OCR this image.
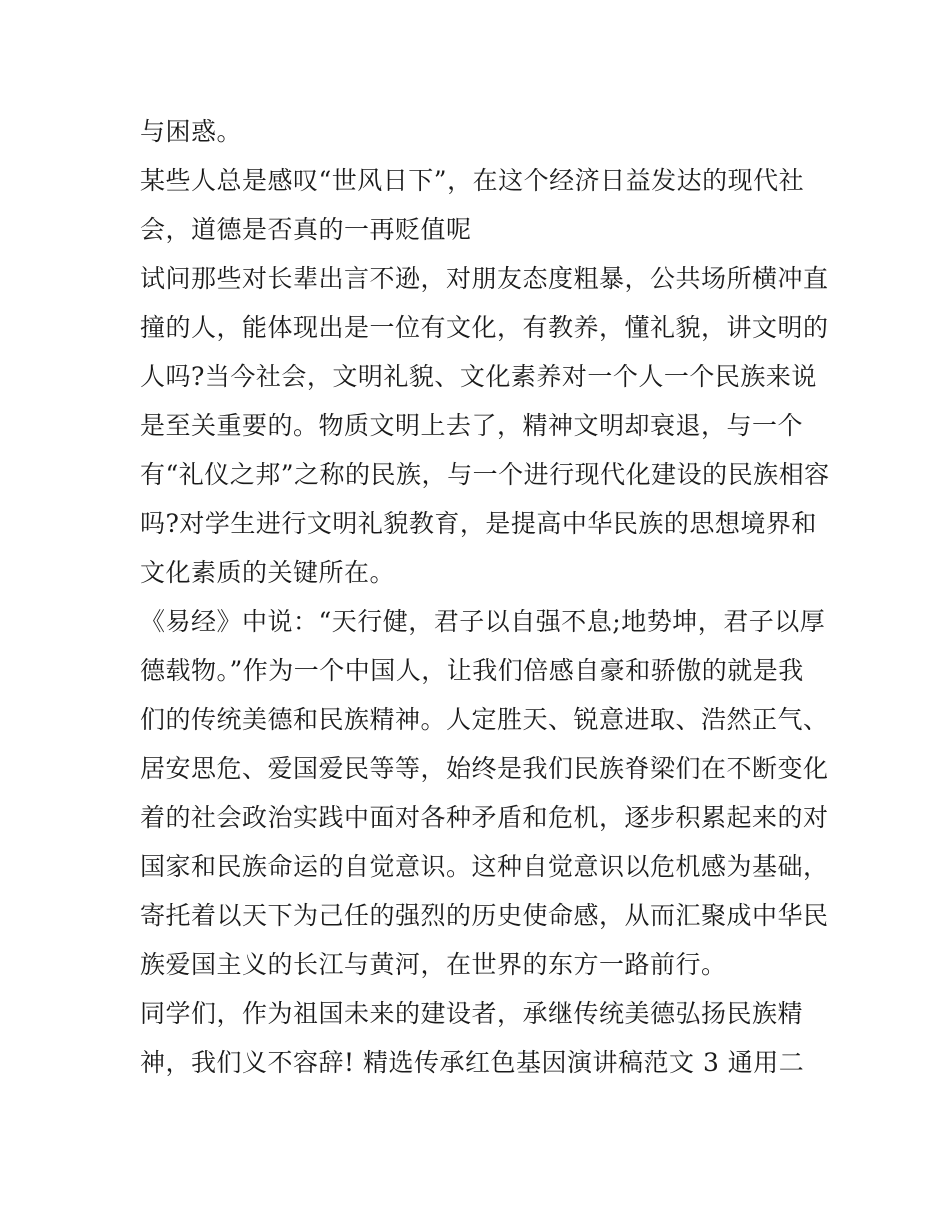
与困惑。
某些人总是感叹“世风日下”，在这个经济日益发达的现代社
会，道德是否真的一再贬值呢
试问那些对长辈出言不逊，对朋友态度粗暴，公共场所横冲直
撞的人，能体现出是一位有文化，有教养，懂礼貌，讲文明的
人吗?当今社会，文明礼貌、文化素养对一个人一个民族来说
是至关重要的。物质文明上去了，精神文明却衰退，与一个
有“礼仪之邦”之称的民族，与一个进行现代化建设的民族相容
吗?对学生进行文明礼貌教育，是提高中华民族的思想境界和
文化素质的关键所在。
《易经》中说：“天行健，君子以自强不息;地势坤，君子以厚
德载物。”作为一个中国人，让我们倍感自豪和骄傲的就是我
们的传统美德和民族精神。人定胜天、锐意进取、浩然正气、
居安思危、爱国爱民等等，始终是我们民族脊梁们在不断变化
着的社会政治实践中面对各种矛盾和危机，逐步积累起来的对
国家和民族命运的自觉意识。这种自觉意识以危机感为基础，
寄托着以天下为己任的强烈的历史使命感，从而汇聚成中华民
族爱国主义的长江与黄河，在世界的东方一路前行。
同学们，作为祖国未来的建设者，承继传统美德弘扬民族精
神，我们义不容辞! 精选传承红色基因演讲稿范文 3 通用二
